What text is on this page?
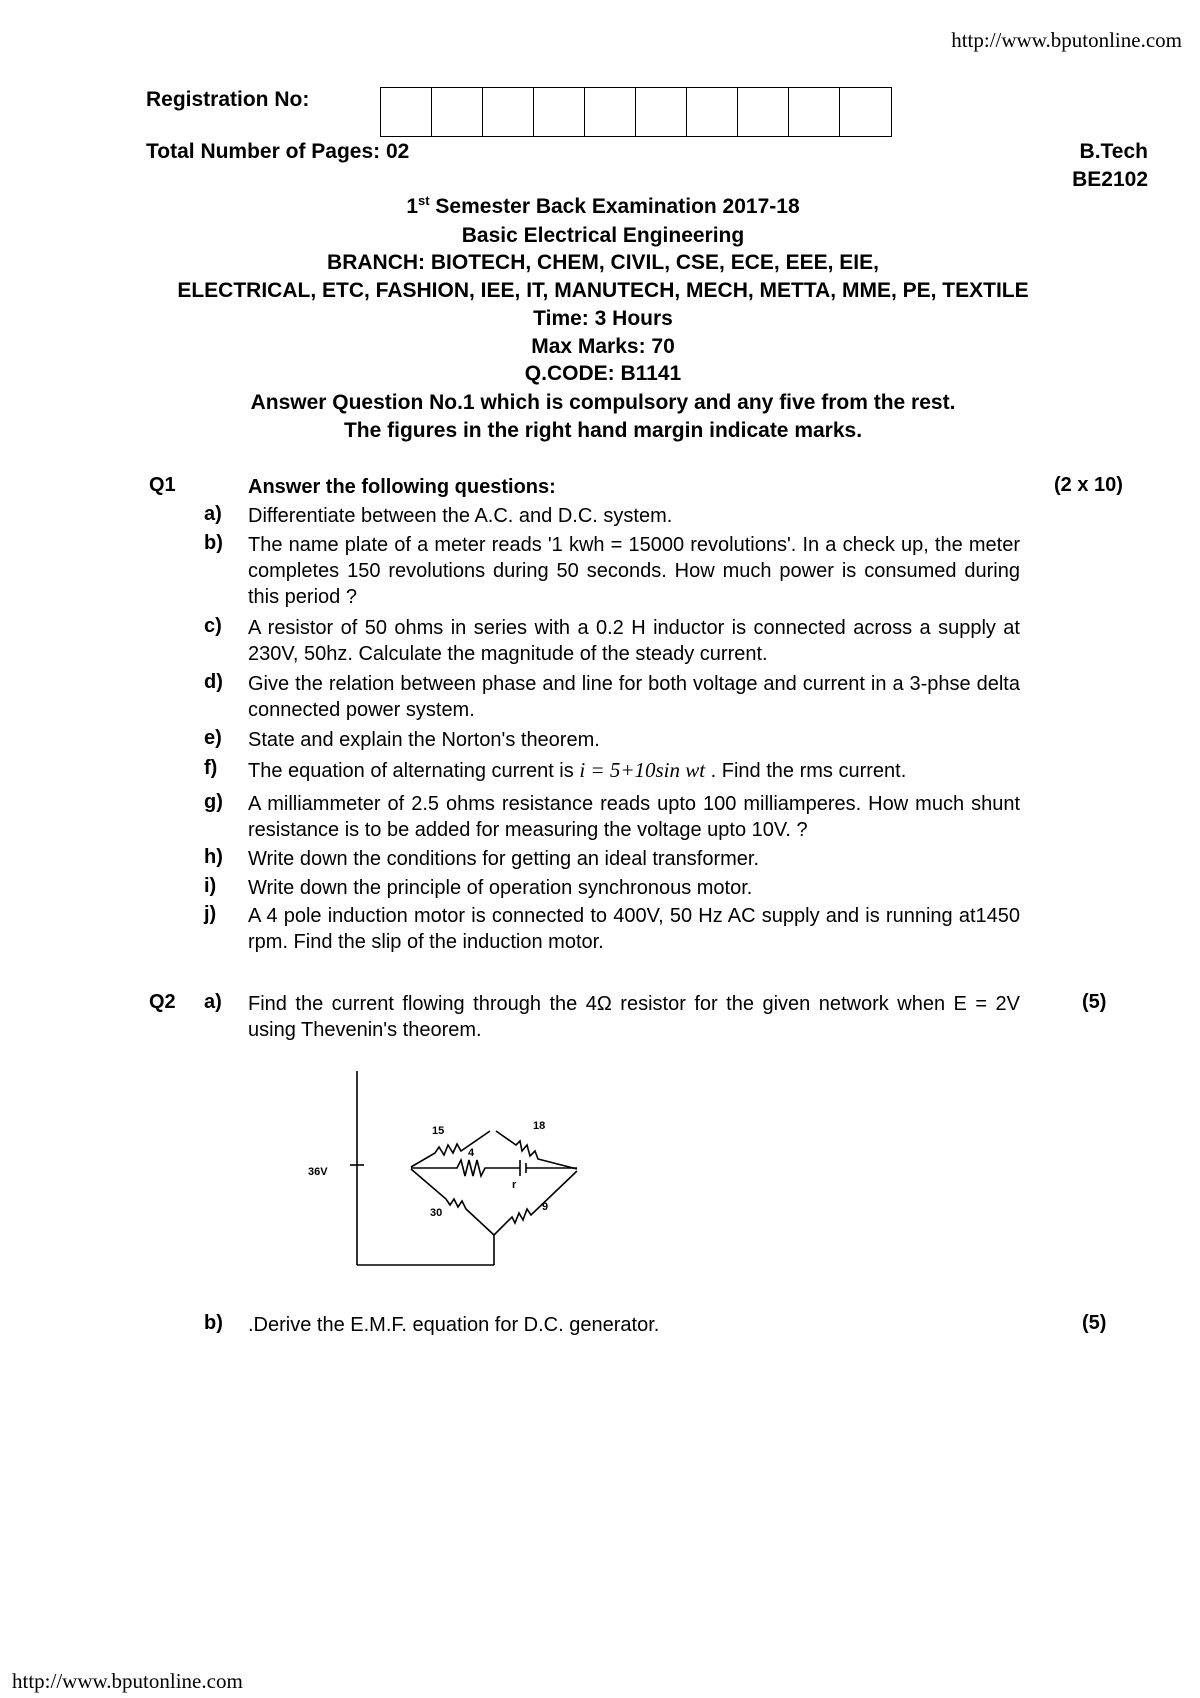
http://www.bputonline.com
Registration No:
Total Number of Pages: 02	B.Tech
BE2102
1st Semester Back Examination 2017-18
Basic Electrical Engineering
BRANCH: BIOTECH, CHEM, CIVIL, CSE, ECE, EEE, EIE,
ELECTRICAL, ETC, FASHION, IEE, IT, MANUTECH, MECH, METTA, MME, PE, TEXTILE
Time: 3 Hours
Max Marks: 70
Q.CODE: B1141
Answer Question No.1 which is compulsory and any five from the rest.
The figures in the right hand margin indicate marks.
Q1	Answer the following questions:	(2 x 10)
a) Differentiate between the A.C. and D.C. system.
b) The name plate of a meter reads '1 kwh = 15000 revolutions'. In a check up, the meter completes 150 revolutions during 50 seconds. How much power is consumed during this period ?
c) A resistor of 50 ohms in series with a 0.2 H inductor is connected across a supply at 230V, 50hz. Calculate the magnitude of the steady current.
d) Give the relation between phase and line for both voltage and current in a 3-phse delta connected power system.
e) State and explain the Norton's theorem.
f) The equation of alternating current is i = 5+10sin wt . Find the rms current.
g) A milliammeter of 2.5 ohms resistance reads upto 100 milliamperes. How much shunt resistance is to be added for measuring the voltage upto 10V. ?
h) Write down the conditions for getting an ideal transformer.
i) Write down the principle of operation synchronous motor.
j) A 4 pole induction motor is connected to 400V, 50 Hz AC supply and is running at1450 rpm. Find the slip of the induction motor.
Q2 a) Find the current flowing through the 4Ω resistor for the given network when E = 2V using Thevenin's theorem.
(5)
36V
15	18
4
30	9
r
b) .Derive the E.M.F. equation for D.C. generator.	(5)
http://www.bputonline.com
